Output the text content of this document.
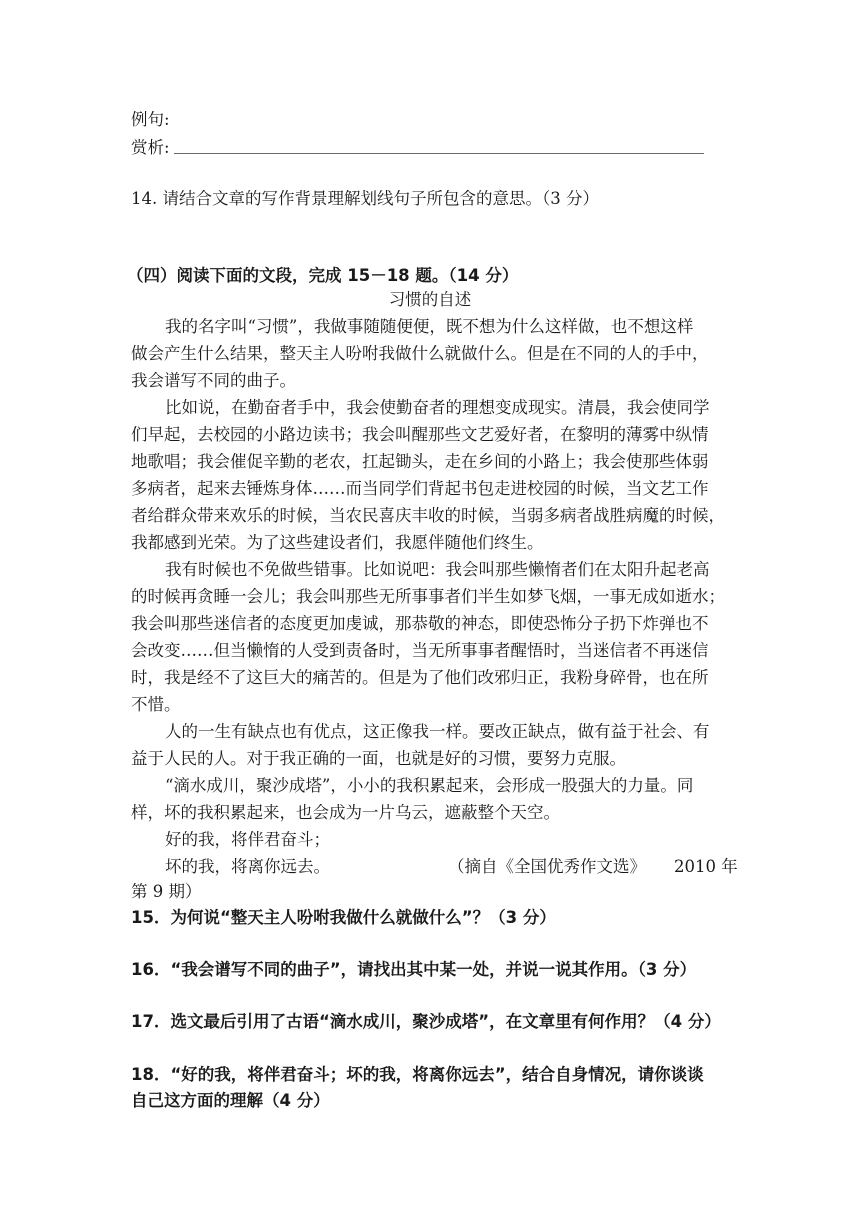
例句:
赏析:
14. 请结合文章的写作背景理解划线句子所包含的意思。（3 分）
（四）阅读下面的文段，完成 15－18 题。（14 分）
习惯的自述
我的名字叫“习惯”，我做事随随便便，既不想为什么这样做，也不想这样
做会产生什么结果，整天主人吩咐我做什么就做什么。但是在不同的人的手中，
我会谱写不同的曲子。
比如说，在勤奋者手中，我会使勤奋者的理想变成现实。清晨，我会使同学
们早起，去校园的小路边读书；我会叫醒那些文艺爱好者，在黎明的薄雾中纵情
地歌唱；我会催促辛勤的老农，扛起锄头，走在乡间的小路上；我会使那些体弱
多病者，起来去锤炼身体……而当同学们背起书包走进校园的时候，当文艺工作
者给群众带来欢乐的时候，当农民喜庆丰收的时候，当弱多病者战胜病魔的时候，
我都感到光荣。为了这些建设者们，我愿伴随他们终生。
我有时候也不免做些错事。比如说吧：我会叫那些懒惰者们在太阳升起老高
的时候再贪睡一会儿；我会叫那些无所事事者们半生如梦飞烟，一事无成如逝水；
我会叫那些迷信者的态度更加虔诚，那恭敬的神态，即使恐怖分子扔下炸弹也不
会改变……但当懒惰的人受到责备时，当无所事事者醒悟时，当迷信者不再迷信
时，我是经不了这巨大的痛苦的。但是为了他们改邪归正，我粉身碎骨，也在所
不惜。
人的一生有缺点也有优点，这正像我一样。要改正缺点，做有益于社会、有
益于人民的人。对于我正确的一面，也就是好的习惯，要努力克服。
“滴水成川，聚沙成塔”，小小的我积累起来，会形成一股强大的力量。同
样，坏的我积累起来，也会成为一片乌云，遮蔽整个天空。
好的我，将伴君奋斗；
坏的我，将离你远去。	（摘自《全国优秀作文选》 2010 年
第 9 期）
15．为何说“整天主人吩咐我做什么就做什么”？（3 分）
16．“我会谱写不同的曲子”，请找出其中某一处，并说一说其作用。（3 分）
17．选文最后引用了古语“滴水成川，聚沙成塔”，在文章里有何作用？（4 分）
18．“好的我，将伴君奋斗；坏的我，将离你远去”，结合自身情况，请你谈谈
自己这方面的理解（4 分）
